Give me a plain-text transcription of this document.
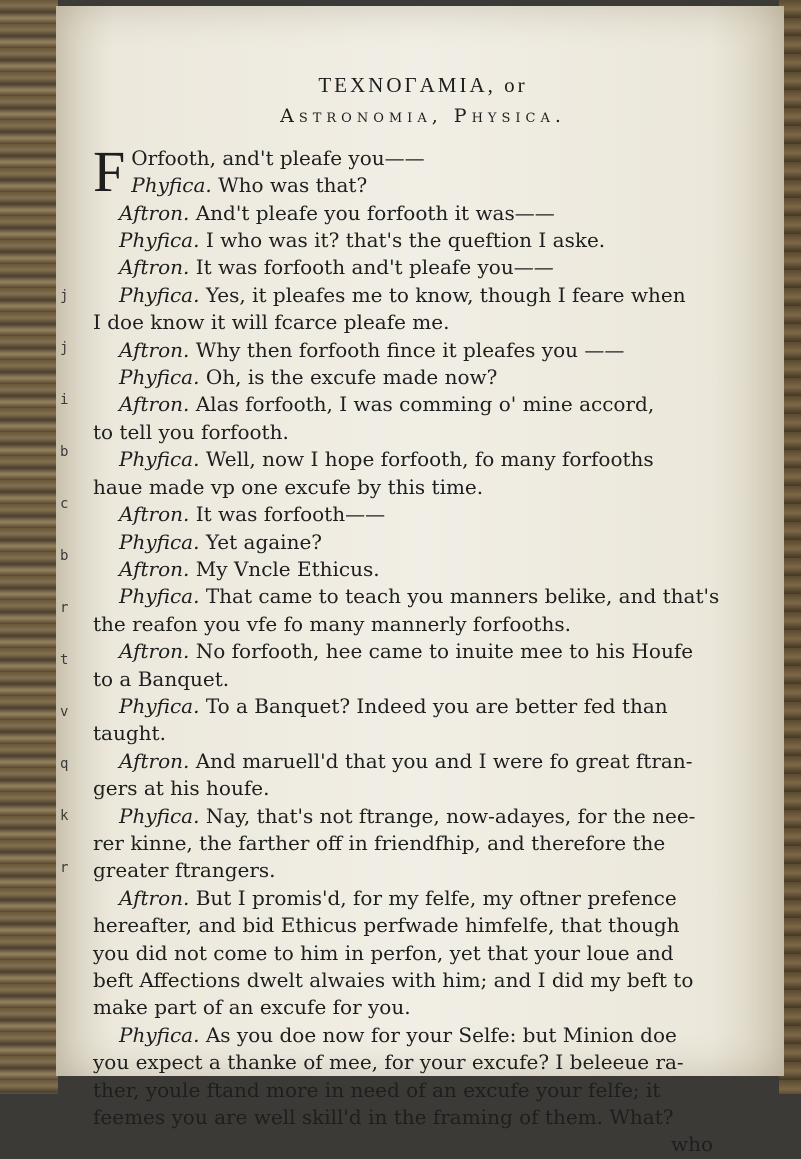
j
j
i
b
c
b
r
t
v
q
k
r
TEXNOΓAMIA, or
Astronomia, Physica.
F Orfooth, and't pleafe you——
Phyfica. Who was that?
Aftron. And't pleafe you forfooth it was——
Phyfica. I who was it? that's the queftion I aske.
Aftron. It was forfooth and't pleafe you——
Phyfica. Yes, it pleafes me to know, though I feare when
I doe know it will fcarce pleafe me.
Aftron. Why then forfooth fince it pleafes you ——
Phyfica. Oh, is the excufe made now?
Aftron. Alas forfooth, I was comming o' mine accord,
to tell you forfooth.
Phyfica. Well, now I hope forfooth, fo many forfooths
haue made vp one excufe by this time.
Aftron. It was forfooth——
Phyfica. Yet againe?
Aftron. My Vncle Ethicus.
Phyfica. That came to teach you manners belike, and that's
the reafon you vfe fo many mannerly forfooths.
Aftron. No forfooth, hee came to inuite mee to his Houfe
to a Banquet.
Phyfica. To a Banquet? Indeed you are better fed than
taught.
Aftron. And maruell'd that you and I were fo great ftran-
gers at his houfe.
Phyfica. Nay, that's not ftrange, now-adayes, for the nee-
rer kinne, the farther off in friendfhip, and therefore the
greater ftrangers.
Aftron. But I promis'd, for my felfe, my oftner prefence
hereafter, and bid Ethicus perfwade himfelfe, that though
you did not come to him in perfon, yet that your loue and
beft Affections dwelt alwaies with him; and I did my beft to
make part of an excufe for you.
Phyfica. As you doe now for your Selfe: but Minion doe
you expect a thanke of mee, for your excufe? I beleeue ra-
ther, youle ftand more in need of an excufe your felfe; it
feemes you are well skill'd in the framing of them. What?
who
